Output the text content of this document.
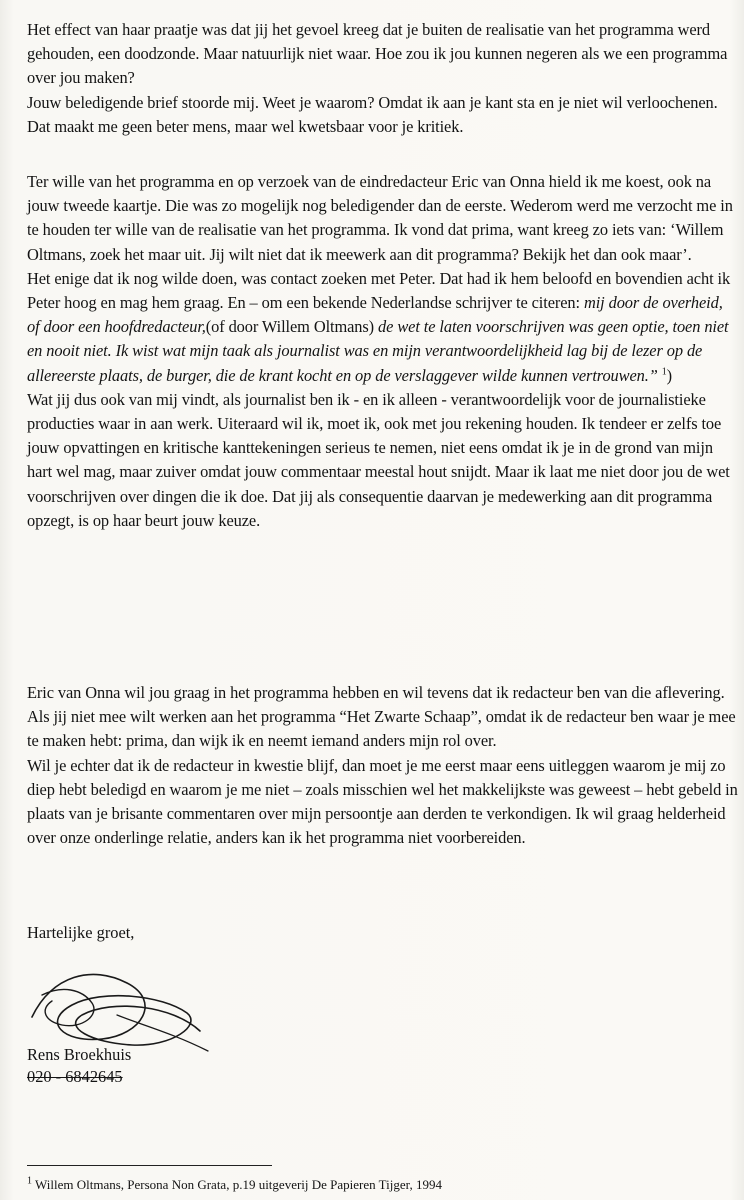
Het effect van haar praatje was dat jij het gevoel kreeg dat je buiten de realisatie van het programma werd gehouden, een doodzonde. Maar natuurlijk niet waar. Hoe zou ik jou kunnen negeren als we een programma over jou maken?

Jouw beledigende brief stoorde mij. Weet je waarom? Omdat ik aan je kant sta en je niet wil verloochenen. Dat maakt me geen beter mens, maar wel kwetsbaar voor je kritiek.

Ter wille van het programma en op verzoek van de eindredacteur Eric van Onna hield ik me koest, ook na jouw tweede kaartje. Die was zo mogelijk nog beledigender dan de eerste. Wederom werd me verzocht me in te houden ter wille van de realisatie van het programma. Ik vond dat prima, want kreeg zo iets van: ‘Willem Oltmans, zoek het maar uit. Jij wilt niet dat ik meewerk aan dit programma? Bekijk het dan ook maar’.

Het enige dat ik nog wilde doen, was contact zoeken met Peter. Dat had ik hem beloofd en bovendien acht ik Peter hoog en mag hem graag. En – om een bekende Nederlandse schrijver te citeren: mij door de overheid, of door een hoofdredacteur,(of door Willem Oltmans) de wet te laten voorschrijven was geen optie, toen niet en nooit niet. Ik wist wat mijn taak als journalist was en mijn verantwoordelijkheid lag bij de lezer op de allereerste plaats, de burger, die de krant kocht en op de verslaggever wilde kunnen vertrouwen.” $^1$)

Wat jij dus ook van mij vindt, als journalist ben ik - en ik alleen - verantwoordelijk voor de journalistieke producties waar in aan werk. Uiteraard wil ik, moet ik, ook met jou rekening houden. Ik tendeer er zelfs toe jouw opvattingen en kritische kanttekeningen serieus te nemen, niet eens omdat ik je in de grond van mijn hart wel mag, maar zuiver omdat jouw commentaar meestal hout snijdt. Maar ik laat me niet door jou de wet voorschrijven over dingen die ik doe. Dat jij als consequentie daarvan je medewerking aan dit programma opzegt, is op haar beurt jouw keuze.

Eric van Onna wil jou graag in het programma hebben en wil tevens dat ik redacteur ben van die aflevering. Als jij niet mee wilt werken aan het programma “Het Zwarte Schaap”, omdat ik de redacteur ben waar je mee te maken hebt: prima, dan wijk ik en neemt iemand anders mijn rol over.

Wil je echter dat ik de redacteur in kwestie blijf, dan moet je me eerst maar eens uitleggen waarom je mij zo diep hebt beledigd en waarom je me niet – zoals misschien wel het makkelijkste was geweest – hebt gebeld in plaats van je brisante commentaren over mijn persoontje aan derden te verkondigen. Ik wil graag helderheid over onze onderlinge relatie, anders kan ik het programma niet voorbereiden.

Hartelijke groet,
Rens Broekhuis
020 - 6842645
$^1$ Willem Oltmans, Persona Non Grata, p.19 uitgeverij De Papieren Tijger, 1994
